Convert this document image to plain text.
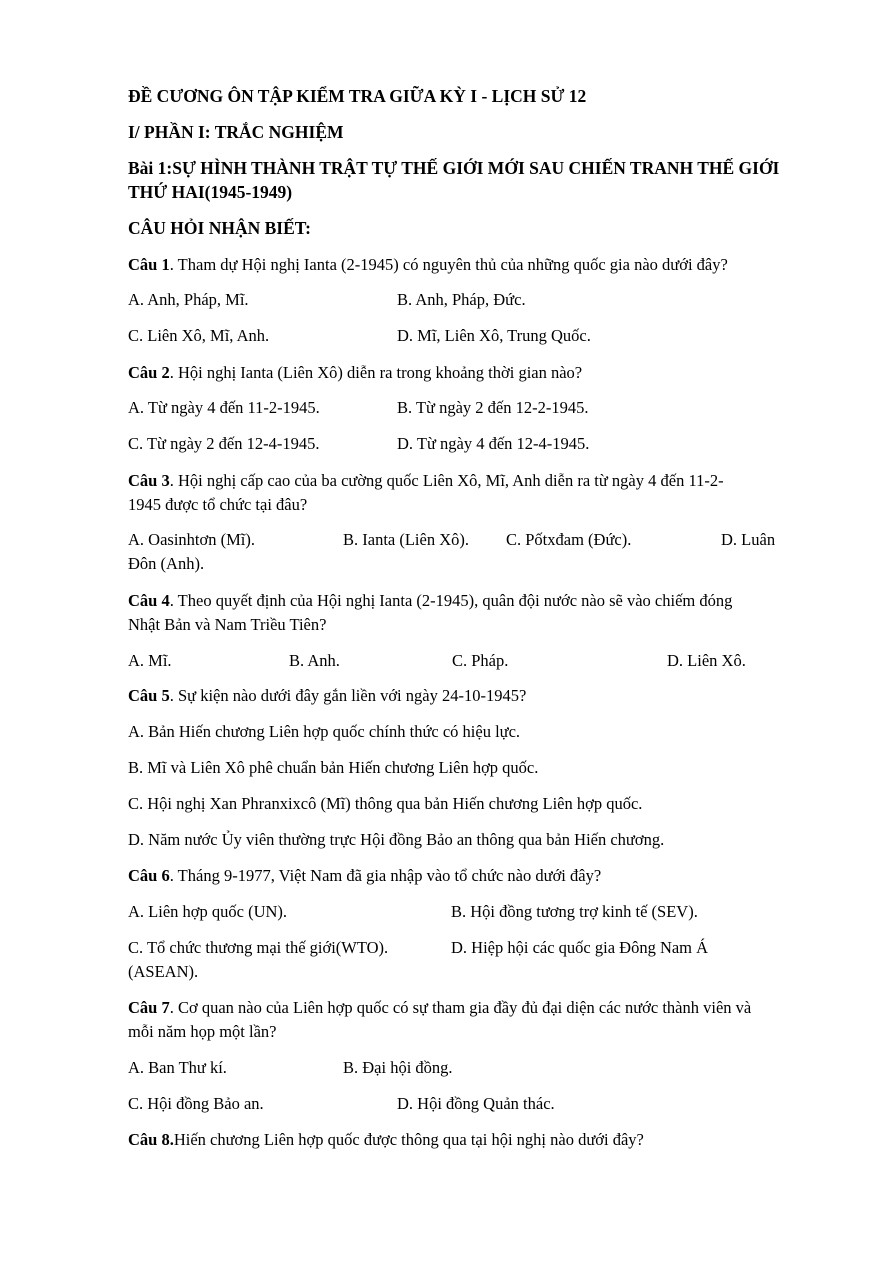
ĐỀ CƯƠNG ÔN TẬP KIỂM TRA GIỮA KỲ I - LỊCH SỬ 12
I/ PHẦN I: TRẮC NGHIỆM
Bài 1:SỰ HÌNH THÀNH TRẬT TỰ THẾ GIỚI MỚI SAU CHIẾN TRANH THẾ GIỚI
THỨ HAI(1945-1949)
CÂU HỎI NHẬN BIẾT:
Câu 1. Tham dự Hội nghị Ianta (2-1945) có nguyên thủ của những quốc gia nào dưới đây?
A. Anh, Pháp, Mĩ.	B. Anh, Pháp, Đức.
C. Liên Xô, Mĩ, Anh.	D. Mĩ, Liên Xô, Trung Quốc.
Câu 2. Hội nghị Ianta (Liên Xô) diễn ra trong khoảng thời gian nào?
A. Từ ngày 4 đến 11-2-1945.	B. Từ ngày 2 đến 12-2-1945.
C. Từ ngày 2 đến 12-4-1945.	D. Từ ngày 4 đến 12-4-1945.
Câu 3. Hội nghị cấp cao của ba cường quốc Liên Xô, Mĩ, Anh diễn ra từ ngày 4 đến 11-2-
1945 được tổ chức tại đâu?
A. Oasinhtơn (Mĩ).	B. Ianta (Liên Xô). C. Pốtxđam (Đức).	D. Luân
Đôn (Anh).
Câu 4. Theo quyết định của Hội nghị Ianta (2-1945), quân đội nước nào sẽ vào chiếm đóng
Nhật Bản và Nam Triều Tiên?
A. Mĩ.	B. Anh.	C. Pháp.	D. Liên Xô.
Câu 5. Sự kiện nào dưới đây gắn liền với ngày 24-10-1945?
A. Bản Hiến chương Liên hợp quốc chính thức có hiệu lực.
B. Mĩ và Liên Xô phê chuẩn bản Hiến chương Liên hợp quốc.
C. Hội nghị Xan Phranxixcô (Mĩ) thông qua bản Hiến chương Liên hợp quốc.
D. Năm nước Ủy viên thường trực Hội đồng Bảo an thông qua bản Hiến chương.
Câu 6. Tháng 9-1977, Việt Nam đã gia nhập vào tổ chức nào dưới đây?
A. Liên hợp quốc (UN).	B. Hội đồng tương trợ kinh tế (SEV).
C. Tổ chức thương mại thế giới(WTO).	D. Hiệp hội các quốc gia Đông Nam Á
(ASEAN).
Câu 7. Cơ quan nào của Liên hợp quốc có sự tham gia đầy đủ đại diện các nước thành viên và
mỗi năm họp một lần?
A. Ban Thư kí.	B. Đại hội đồng.
C. Hội đồng Bảo an.	D. Hội đồng Quản thác.
Câu 8.Hiến chương Liên hợp quốc được thông qua tại hội nghị nào dưới đây?
